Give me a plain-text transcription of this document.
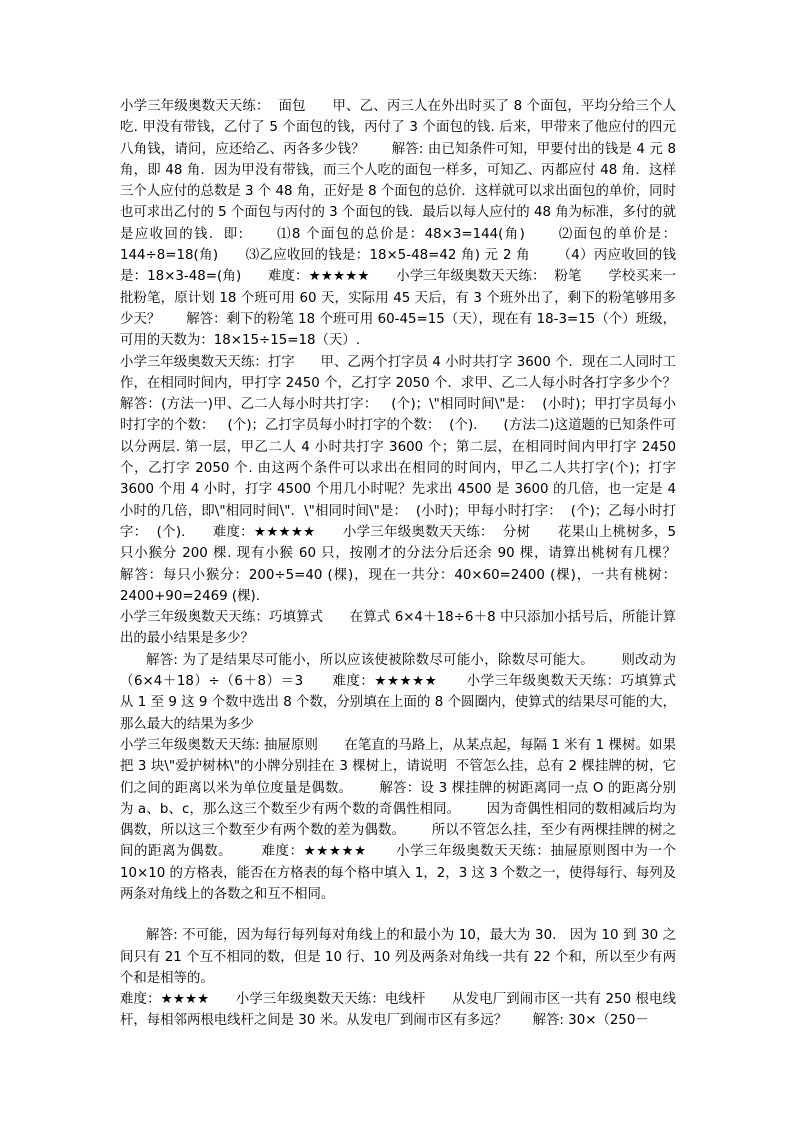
小学三年级奥数天天练：  面包      甲、乙、丙三人在外出时买了 8 个面包，平均分给三个人吃. 甲没有带钱，乙付了 5 个面包的钱，丙付了 3 个面包的钱. 后来，甲带来了他应付的四元八角钱，请问，应还给乙、丙各多少钱？      解答: 由已知条件可知，甲要付出的钱是 4 元 8 角，即 48 角．因为甲没有带钱，而三个人吃的面包一样多，可知乙、丙都应付 48 角．这样三个人应付的总数是 3 个 48 角，正好是 8 个面包的总价．这样就可以求出面包的单价，同时也可求出乙付的 5 个面包与丙付的 3 个面包的钱．最后以每人应付的 48 角为标准，多付的就是应收回的钱．即:      ⑴8 个面包的总价是：48×3=144(角)      ⑵面包的单价是：144÷8=18(角)      ⑶乙应收回的钱是：18×5-48=42 角) 元 2 角      （4）丙应收回的钱是：18×3-48=(角)      难度：★★★★★      小学三年级奥数天天练：  粉笔      学校买来一批粉笔，原计划 18 个班可用 60 天，实际用 45 天后，有 3 个班外出了，剩下的粉笔够用多少天？      解答：剩下的粉笔 18 个班可用 60-45=15（天），现在有 18-3=15（个）班级，可用的天数为：18×15÷15=18（天）.

小学三年级奥数天天练：打字      甲、乙两个打字员 4 小时共打字 3600 个．现在二人同时工作，在相同时间内，甲打字 2450 个，乙打字 2050 个．求甲、乙二人每小时各打字多少个？      解答：(方法一)甲、乙二人每小时共打字：   (个)；\"相同时间\"是：  (小时)；甲打字员每小时打字的个数：   (个)；乙打字员每小时打字的个数：  (个).      (方法二)这道题的已知条件可以分两层. 第一层，甲乙二人 4 小时共打字 3600 个；第二层，在相同时间内甲打字 2450 个，乙打字 2050 个. 由这两个条件可以求出在相同的时间内，甲乙二人共打字(个)；打字  3600 个用 4 小时，打字 4500 个用几小时呢？先求出 4500 是 3600 的几倍，也一定是 4 小时的几倍，即\"相同时间\"．\"相同时间\"是：  (小时)；甲每小时打字：  (个)；乙每小时打字：  (个).      难度：★★★★★      小学三年级奥数天天练：  分树      花果山上桃树多，5 只小猴分 200 棵. 现有小猴 60 只，按刚才的分法分后还余 90 棵，请算出桃树有几棵？      解答：每只小猴分：200÷5=40 (棵)，现在一共分：40×60=2400 (棵)，一共有桃树：2400+90=2469 (棵).

小学三年级奥数天天练：巧填算式      在算式 6×4＋18÷6＋8 中只添加小括号后，所能计算出的最小结果是多少？

解答: 为了是结果尽可能小，所以应该使被除数尽可能小，除数尽可能大。      则改动为（6×4＋18）÷（6＋8）＝3      难度：★★★★★      小学三年级奥数天天练：巧填算式      从 1 至 9 这 9 个数中选出 8 个数，分别填在上面的 8 个圆圈内，使算式的结果尽可能的大，那么最大的结果为多少

小学三年级奥数天天练: 抽屉原则      在笔直的马路上，从某点起，每隔 1 米有 1 棵树。如果把 3 块\"爱护树林\"的小牌分别挂在 3 棵树上，请说明  不管怎么挂，总有 2 棵挂牌的树，它们之间的距离以米为单位度量是偶数。      解答：设 3 棵挂牌的树距离同一点 O 的距离分别为 a、b、c，那么这三个数至少有两个数的奇偶性相同。      因为奇偶性相同的数相减后均为偶数，所以这三个数至少有两个数的差为偶数。      所以不管怎么挂，至少有两棵挂牌的树之间的距离为偶数。      难度：★★★★★      小学三年级奥数天天练：抽屉原则图中为一个 10×10 的方格表，能否在方格表的每个格中填入 1，2，3 这 3 个数之一，使得每行、每列及两条对角线上的各数之和互不相同。

解答: 不可能，因为每行每列每对角线上的和最小为 10，最大为 30.   因为 10 到 30 之间只有 21 个互不相同的数，但是 10 行、10 列及两条对角线一共有 22 个和，所以至少有两个和是相等的。

难度：★★★★      小学三年级奥数天天练：电线杆      从发电厂到闹市区一共有 250 根电线杆，每相邻两根电线杆之间是 30 米。从发电厂到闹市区有多远？      解答: 30×（250－
